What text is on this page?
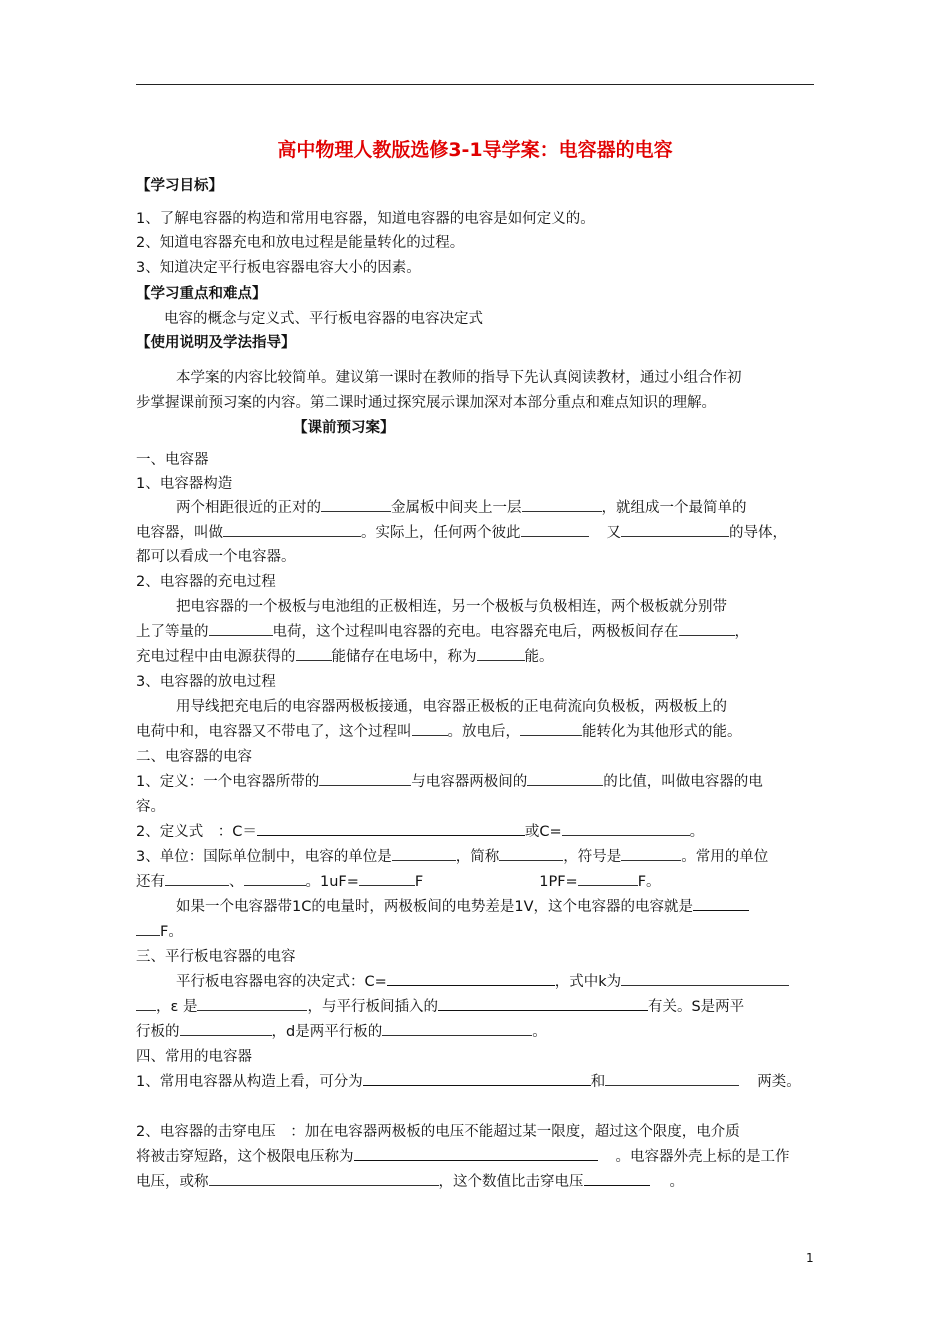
高中物理人教版选修3-1导学案：电容器的电容
【学习目标】
1、了解电容器的构造和常用电容器，知道电容器的电容是如何定义的。
2、知道电容器充电和放电过程是能量转化的过程。
3、知道决定平行板电容器电容大小的因素。
【学习重点和难点】
电容的概念与定义式、平行板电容器的电容决定式
【使用说明及学法指导】
本学案的内容比较简单。建议第一课时在教师的指导下先认真阅读教材，通过小组合作初
步掌握课前预习案的内容。第二课时通过探究展示课加深对本部分重点和难点知识的理解。
【课前预习案】
一、电容器
1、电容器构造
两个相距很近的正对的	金属板中间夹上一层	，就组成一个最简单的
电容器，叫做	。实际上，任何两个彼此	又	的导体，
都可以看成一个电容器。
2、电容器的充电过程
把电容器的一个极板与电池组的正极相连，另一个极板与负极相连，两个极板就分别带
上了等量的	电荷，这个过程叫电容器的充电。电容器充电后，两极板间存在	，
充电过程中由电源获得的 能储存在电场中，称为	能。
3、电容器的放电过程
用导线把充电后的电容器两极板接通，电容器正极板的正电荷流向负极板，两极板上的
电荷中和，电容器又不带电了，这个过程叫 。放电后，	能转化为其他形式的能。
二、电容器的电容
1、定义：一个电容器所带的	与电容器两极间的	的比值，叫做电容器的电
容。
2、定义式　：C＝	或C=	。
3、单位：国际单位制中，电容的单位是	，简称	，符号是	。常用的单位
还有	、	。1uF=	F	1PF=	F。
如果一个电容器带1C的电量时，两极板间的电势差是1V，这个电容器的电容就是
F。
三、平行板电容器的电容
平行板电容器电容的决定式：C=	，式中k为
，ε 是	，与平行板间插入的	有关。S是两平
行板的	，d是两平行板的	。
四、常用的电容器
1、常用电容器从构造上看，可分为	和	两类。
2、电容器的击穿电压　：加在电容器两极板的电压不能超过某一限度，超过这个限度，电介质
将被击穿短路，这个极限电压称为	。电容器外壳上标的是工作
电压，或称	，这个数值比击穿电压	。
1
